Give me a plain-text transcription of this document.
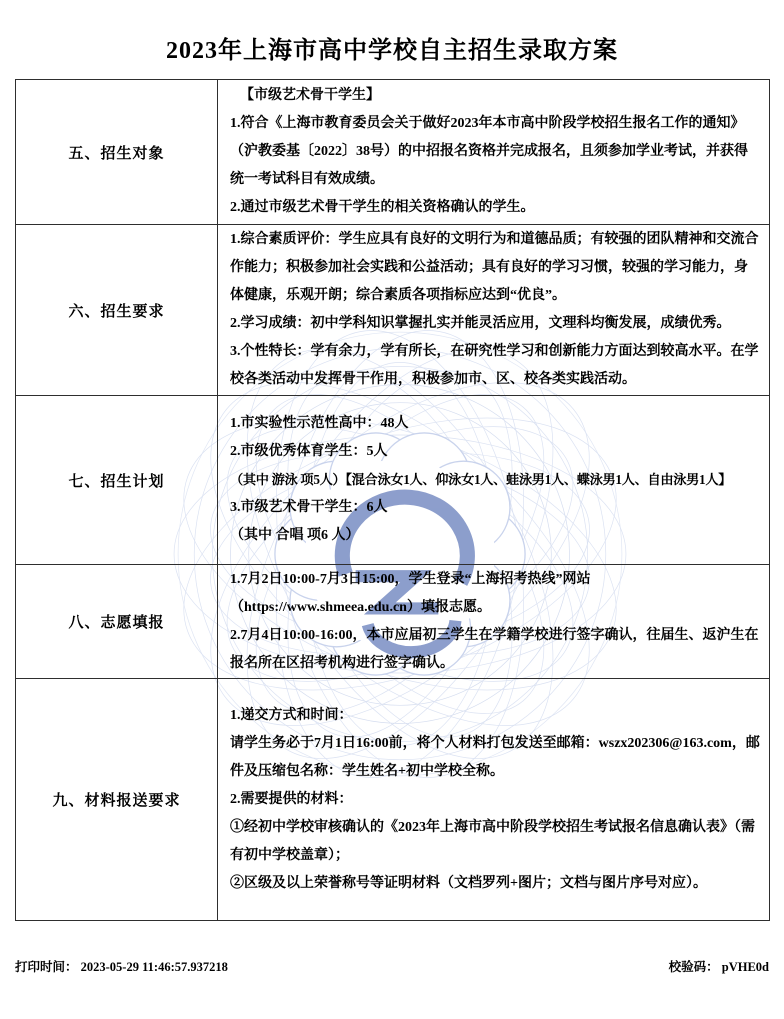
2023年上海市高中学校自主招生录取方案
五、招生对象

【市级艺术骨干学生】

1.符合《上海市教育委员会关于做好2023年本市高中阶段学校招生报名工作的通知》（沪教委基〔2022〕38号）的中招报名资格并完成报名，且须参加学业考试，并获得统一考试科目有效成绩。

2.通过市级艺术骨干学生的相关资格确认的学生。

六、招生要求

1.综合素质评价：学生应具有良好的文明行为和道德品质；有较强的团队精神和交流合作能力；积极参加社会实践和公益活动；具有良好的学习习惯，较强的学习能力，身体健康，乐观开朗；综合素质各项指标应达到“优良”。

2.学习成绩：初中学科知识掌握扎实并能灵活应用，文理科均衡发展，成绩优秀。

3.个性特长：学有余力，学有所长，在研究性学习和创新能力方面达到较高水平。在学校各类活动中发挥骨干作用，积极参加市、区、校各类实践活动。

七、招生计划

1.市实验性示范性高中：48人

2.市级优秀体育学生：5人

（其中 游泳 项5人）【混合泳女1人、仰泳女1人、蛙泳男1人、蝶泳男1人、自由泳男1人】

3.市级艺术骨干学生：6人

（其中 合唱 项6 人）

八、志愿填报

1.7月2日10:00-7月3日15:00，学生登录“上海招考热线”网站（https://www.shmeea.edu.cn）填报志愿。

2.7月4日10:00-16:00，本市应届初三学生在学籍学校进行签字确认，往届生、返沪生在报名所在区招考机构进行签字确认。

九、材料报送要求

1.递交方式和时间：

请学生务必于7月1日16:00前，将个人材料打包发送至邮箱：wszx202306@163.com，邮件及压缩包名称：学生姓名+初中学校全称。

2.需要提供的材料：

①经初中学校审核确认的《2023年上海市高中阶段学校招生考试报名信息确认表》（需有初中学校盖章）；

②区级及以上荣誉称号等证明材料（文档罗列+图片；文档与图片序号对应）。

打印时间： 2023-05-29 11:46:57.937218	校验码： pVHE0d
